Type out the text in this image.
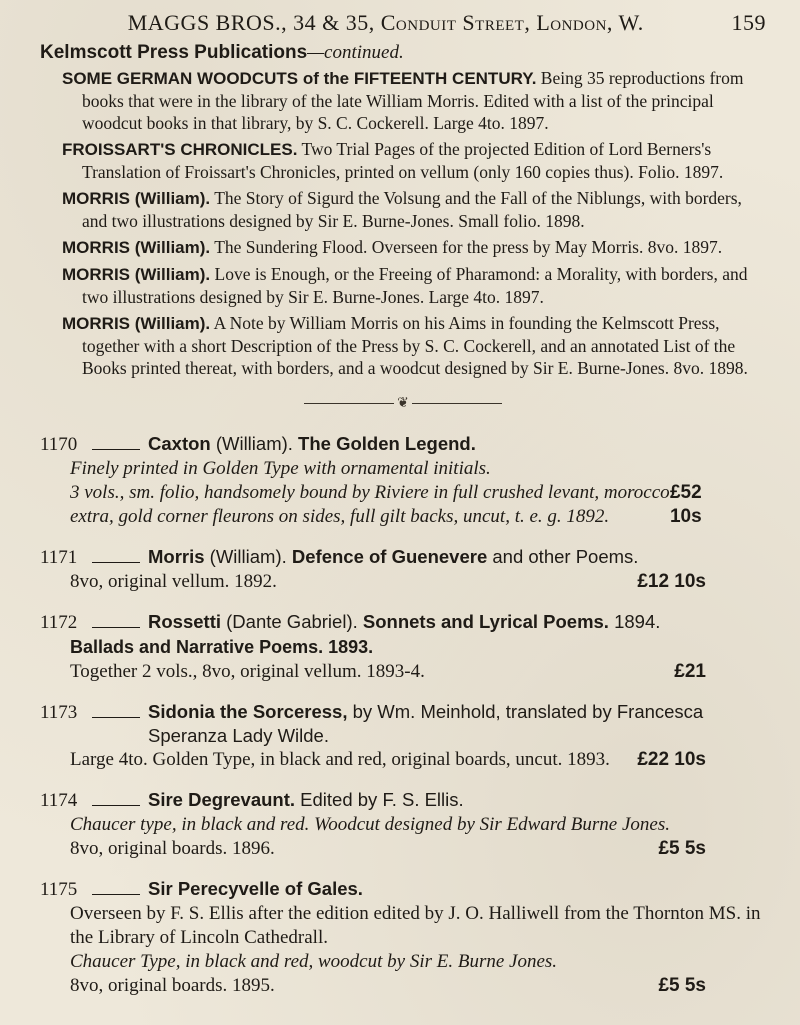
MAGGS BROS., 34 & 35, Conduit Street, London, W.	159
Kelmscott Press Publications—continued.
SOME GERMAN WOODCUTS of the FIFTEENTH CENTURY. Being 35 reproductions from books that were in the library of the late William Morris. Edited with a list of the principal woodcut books in that library, by S. C. Cockerell. Large 4to. 1897.
FROISSART'S CHRONICLES. Two Trial Pages of the projected Edition of Lord Berners's Translation of Froissart's Chronicles, printed on vellum (only 160 copies thus). Folio. 1897.
MORRIS (William). The Story of Sigurd the Volsung and the Fall of the Niblungs, with borders, and two illustrations designed by Sir E. Burne-Jones. Small folio. 1898.
MORRIS (William). The Sundering Flood. Overseen for the press by May Morris. 8vo. 1897.
MORRIS (William). Love is Enough, or the Freeing of Pharamond: a Morality, with borders, and two illustrations designed by Sir E. Burne-Jones. Large 4to. 1897.
MORRIS (William). A Note by William Morris on his Aims in founding the Kelmscott Press, together with a short Description of the Press by S. C. Cockerell, and an annotated List of the Books printed thereat, with borders, and a woodcut designed by Sir E. Burne-Jones. 8vo. 1898.
❦
1170	Caxton (William). The Golden Legend.
Finely printed in Golden Type with ornamental initials.
3 vols., sm. folio, handsomely bound by Riviere in full crushed levant, morocco extra, gold corner fleurons on sides, full gilt backs, uncut, t. e. g. 1892.
£52 10s
1171	Morris (William). Defence of Guenevere and other Poems.
8vo, original vellum. 1892.	£12 10s
1172	Rossetti (Dante Gabriel). Sonnets and Lyrical Poems. 1894.
Ballads and Narrative Poems. 1893.
Together 2 vols., 8vo, original vellum. 1893-4.	£21
1173	Sidonia the Sorceress, by Wm. Meinhold, translated by Francesca Speranza Lady Wilde.
Large 4to. Golden Type, in black and red, original boards, uncut. 1893. £22 10s
1174	Sire Degrevaunt. Edited by F. S. Ellis.
Chaucer type, in black and red. Woodcut designed by Sir Edward Burne Jones.
8vo, original boards. 1896.	£5 5s
1175	Sir Perecyvelle of Gales.
Overseen by F. S. Ellis after the edition edited by J. O. Halliwell from the Thornton MS. in the Library of Lincoln Cathedrall.
Chaucer Type, in black and red, woodcut by Sir E. Burne Jones.
8vo, original boards. 1895.	£5 5s
